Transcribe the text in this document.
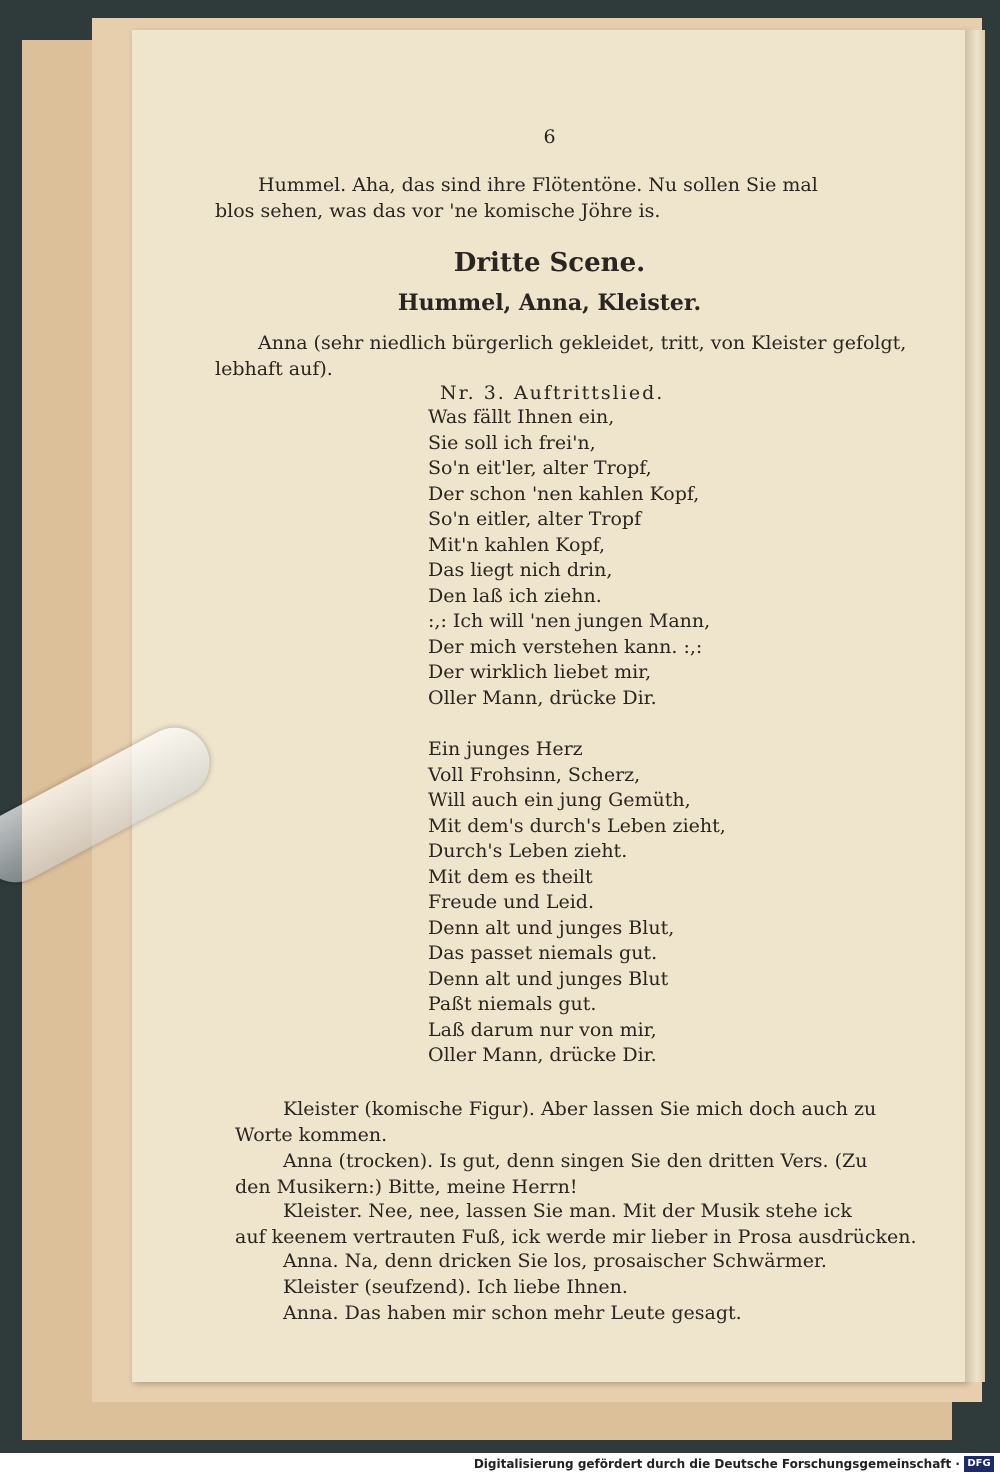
6
Hummel. Aha, das sind ihre Flötentöne. Nu sollen Sie mal
blos sehen, was das vor 'ne komische Jöhre is.
Dritte Scene.
Hummel, Anna, Kleister.
Anna (sehr niedlich bürgerlich gekleidet, tritt, von Kleister gefolgt,
lebhaft auf).
Nr. 3. Auftrittslied.
Was fällt Ihnen ein,
Sie soll ich frei'n,
So'n eit'ler, alter Tropf,
Der schon 'nen kahlen Kopf,
So'n eitler, alter Tropf
Mit'n kahlen Kopf,
Das liegt nich drin,
Den laß ich ziehn.
:,: Ich will 'nen jungen Mann,
Der mich verstehen kann. :,:
Der wirklich liebet mir,
Oller Mann, drücke Dir.
Ein junges Herz
Voll Frohsinn, Scherz,
Will auch ein jung Gemüth,
Mit dem's durch's Leben zieht,
Durch's Leben zieht.
Mit dem es theilt
Freude und Leid.
Denn alt und junges Blut,
Das passet niemals gut.
Denn alt und junges Blut
Paßt niemals gut.
Laß darum nur von mir,
Oller Mann, drücke Dir.
Kleister (komische Figur). Aber lassen Sie mich doch auch zu
Worte kommen.
Anna (trocken). Is gut, denn singen Sie den dritten Vers. (Zu
den Musikern:) Bitte, meine Herrn!
Kleister. Nee, nee, lassen Sie man. Mit der Musik stehe ick
auf keenem vertrauten Fuß, ick werde mir lieber in Prosa ausdrücken.
Anna. Na, denn dricken Sie los, prosaischer Schwärmer.
Kleister (seufzend). Ich liebe Ihnen.
Anna. Das haben mir schon mehr Leute gesagt.
Digitalisierung gefördert durch die Deutsche Forschungsgemeinschaft · DFG
